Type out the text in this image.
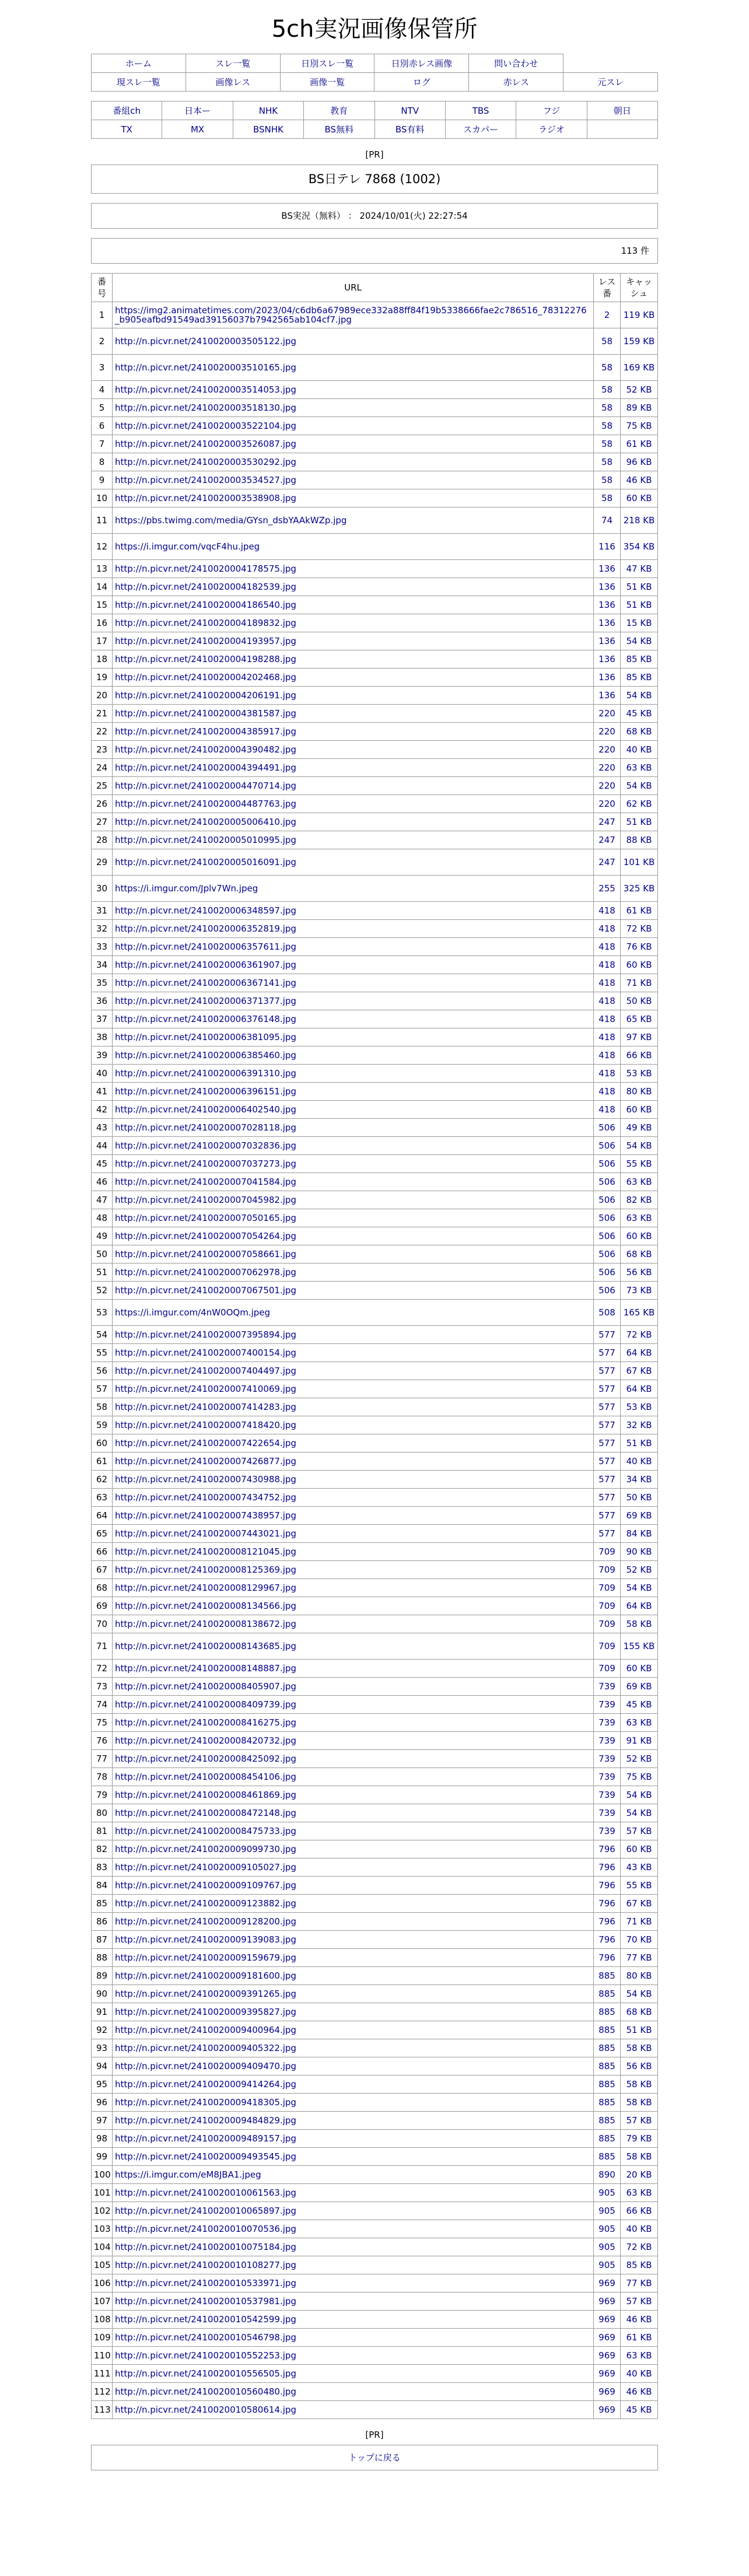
5ch実況画像保管所
ホーム	スレ一覧	日別スレ一覧	日別赤レス画像	問い合わせ	
現スレ一覧	画像レス	画像一覧	ログ	赤レス	元スレ
番組ch	日本ー	NHK	教育	NTV	TBS	フジ	朝日
TX	MX	BSNHK	BS無料	BS有料	スカパー	ラジオ	
[PR]
BS日テレ 7868 (1002)
BS実況（無料） ： 2024/10/01(火) 22:27:54
113 件
番号	URL	レス番	キャッシュ
1	https://img2.animatetimes.com/2023/04/c6db6a67989ece332a88ff84f19b5338666fae2c786516_78312276_b905eafbd91549ad39156037b7942565ab104cf7.jpg	2	119 KB
2	http://n.picvr.net/2410020003505122.jpg	58	159 KB
3	http://n.picvr.net/2410020003510165.jpg	58	169 KB
4	http://n.picvr.net/2410020003514053.jpg	58	52 KB
5	http://n.picvr.net/2410020003518130.jpg	58	89 KB
6	http://n.picvr.net/2410020003522104.jpg	58	75 KB
7	http://n.picvr.net/2410020003526087.jpg	58	61 KB
8	http://n.picvr.net/2410020003530292.jpg	58	96 KB
9	http://n.picvr.net/2410020003534527.jpg	58	46 KB
10	http://n.picvr.net/2410020003538908.jpg	58	60 KB
11	https://pbs.twimg.com/media/GYsn_dsbYAAkWZp.jpg	74	218 KB
12	https://i.imgur.com/vqcF4hu.jpeg	116	354 KB
13	http://n.picvr.net/2410020004178575.jpg	136	47 KB
14	http://n.picvr.net/2410020004182539.jpg	136	51 KB
15	http://n.picvr.net/2410020004186540.jpg	136	51 KB
16	http://n.picvr.net/2410020004189832.jpg	136	15 KB
17	http://n.picvr.net/2410020004193957.jpg	136	54 KB
18	http://n.picvr.net/2410020004198288.jpg	136	85 KB
19	http://n.picvr.net/2410020004202468.jpg	136	85 KB
20	http://n.picvr.net/2410020004206191.jpg	136	54 KB
21	http://n.picvr.net/2410020004381587.jpg	220	45 KB
22	http://n.picvr.net/2410020004385917.jpg	220	68 KB
23	http://n.picvr.net/2410020004390482.jpg	220	40 KB
24	http://n.picvr.net/2410020004394491.jpg	220	63 KB
25	http://n.picvr.net/2410020004470714.jpg	220	54 KB
26	http://n.picvr.net/2410020004487763.jpg	220	62 KB
27	http://n.picvr.net/2410020005006410.jpg	247	51 KB
28	http://n.picvr.net/2410020005010995.jpg	247	88 KB
29	http://n.picvr.net/2410020005016091.jpg	247	101 KB
30	https://i.imgur.com/Jplv7Wn.jpeg	255	325 KB
31	http://n.picvr.net/2410020006348597.jpg	418	61 KB
32	http://n.picvr.net/2410020006352819.jpg	418	72 KB
33	http://n.picvr.net/2410020006357611.jpg	418	76 KB
34	http://n.picvr.net/2410020006361907.jpg	418	60 KB
35	http://n.picvr.net/2410020006367141.jpg	418	71 KB
36	http://n.picvr.net/2410020006371377.jpg	418	50 KB
37	http://n.picvr.net/2410020006376148.jpg	418	65 KB
38	http://n.picvr.net/2410020006381095.jpg	418	97 KB
39	http://n.picvr.net/2410020006385460.jpg	418	66 KB
40	http://n.picvr.net/2410020006391310.jpg	418	53 KB
41	http://n.picvr.net/2410020006396151.jpg	418	80 KB
42	http://n.picvr.net/2410020006402540.jpg	418	60 KB
43	http://n.picvr.net/2410020007028118.jpg	506	49 KB
44	http://n.picvr.net/2410020007032836.jpg	506	54 KB
45	http://n.picvr.net/2410020007037273.jpg	506	55 KB
46	http://n.picvr.net/2410020007041584.jpg	506	63 KB
47	http://n.picvr.net/2410020007045982.jpg	506	82 KB
48	http://n.picvr.net/2410020007050165.jpg	506	63 KB
49	http://n.picvr.net/2410020007054264.jpg	506	60 KB
50	http://n.picvr.net/2410020007058661.jpg	506	68 KB
51	http://n.picvr.net/2410020007062978.jpg	506	56 KB
52	http://n.picvr.net/2410020007067501.jpg	506	73 KB
53	https://i.imgur.com/4nW0OQm.jpeg	508	165 KB
54	http://n.picvr.net/2410020007395894.jpg	577	72 KB
55	http://n.picvr.net/2410020007400154.jpg	577	64 KB
56	http://n.picvr.net/2410020007404497.jpg	577	67 KB
57	http://n.picvr.net/2410020007410069.jpg	577	64 KB
58	http://n.picvr.net/2410020007414283.jpg	577	53 KB
59	http://n.picvr.net/2410020007418420.jpg	577	32 KB
60	http://n.picvr.net/2410020007422654.jpg	577	51 KB
61	http://n.picvr.net/2410020007426877.jpg	577	40 KB
62	http://n.picvr.net/2410020007430988.jpg	577	34 KB
63	http://n.picvr.net/2410020007434752.jpg	577	50 KB
64	http://n.picvr.net/2410020007438957.jpg	577	69 KB
65	http://n.picvr.net/2410020007443021.jpg	577	84 KB
66	http://n.picvr.net/2410020008121045.jpg	709	90 KB
67	http://n.picvr.net/2410020008125369.jpg	709	52 KB
68	http://n.picvr.net/2410020008129967.jpg	709	54 KB
69	http://n.picvr.net/2410020008134566.jpg	709	64 KB
70	http://n.picvr.net/2410020008138672.jpg	709	58 KB
71	http://n.picvr.net/2410020008143685.jpg	709	155 KB
72	http://n.picvr.net/2410020008148887.jpg	709	60 KB
73	http://n.picvr.net/2410020008405907.jpg	739	69 KB
74	http://n.picvr.net/2410020008409739.jpg	739	45 KB
75	http://n.picvr.net/2410020008416275.jpg	739	63 KB
76	http://n.picvr.net/2410020008420732.jpg	739	91 KB
77	http://n.picvr.net/2410020008425092.jpg	739	52 KB
78	http://n.picvr.net/2410020008454106.jpg	739	75 KB
79	http://n.picvr.net/2410020008461869.jpg	739	54 KB
80	http://n.picvr.net/2410020008472148.jpg	739	54 KB
81	http://n.picvr.net/2410020008475733.jpg	739	57 KB
82	http://n.picvr.net/2410020009099730.jpg	796	60 KB
83	http://n.picvr.net/2410020009105027.jpg	796	43 KB
84	http://n.picvr.net/2410020009109767.jpg	796	55 KB
85	http://n.picvr.net/2410020009123882.jpg	796	67 KB
86	http://n.picvr.net/2410020009128200.jpg	796	71 KB
87	http://n.picvr.net/2410020009139083.jpg	796	70 KB
88	http://n.picvr.net/2410020009159679.jpg	796	77 KB
89	http://n.picvr.net/2410020009181600.jpg	885	80 KB
90	http://n.picvr.net/2410020009391265.jpg	885	54 KB
91	http://n.picvr.net/2410020009395827.jpg	885	68 KB
92	http://n.picvr.net/2410020009400964.jpg	885	51 KB
93	http://n.picvr.net/2410020009405322.jpg	885	58 KB
94	http://n.picvr.net/2410020009409470.jpg	885	56 KB
95	http://n.picvr.net/2410020009414264.jpg	885	58 KB
96	http://n.picvr.net/2410020009418305.jpg	885	58 KB
97	http://n.picvr.net/2410020009484829.jpg	885	57 KB
98	http://n.picvr.net/2410020009489157.jpg	885	79 KB
99	http://n.picvr.net/2410020009493545.jpg	885	58 KB
100	https://i.imgur.com/eM8JBA1.jpeg	890	20 KB
101	http://n.picvr.net/2410020010061563.jpg	905	63 KB
102	http://n.picvr.net/2410020010065897.jpg	905	66 KB
103	http://n.picvr.net/2410020010070536.jpg	905	40 KB
104	http://n.picvr.net/2410020010075184.jpg	905	72 KB
105	http://n.picvr.net/2410020010108277.jpg	905	85 KB
106	http://n.picvr.net/2410020010533971.jpg	969	77 KB
107	http://n.picvr.net/2410020010537981.jpg	969	57 KB
108	http://n.picvr.net/2410020010542599.jpg	969	46 KB
109	http://n.picvr.net/2410020010546798.jpg	969	61 KB
110	http://n.picvr.net/2410020010552253.jpg	969	63 KB
111	http://n.picvr.net/2410020010556505.jpg	969	40 KB
112	http://n.picvr.net/2410020010560480.jpg	969	46 KB
113	http://n.picvr.net/2410020010580614.jpg	969	45 KB
[PR]
トップに戻る
